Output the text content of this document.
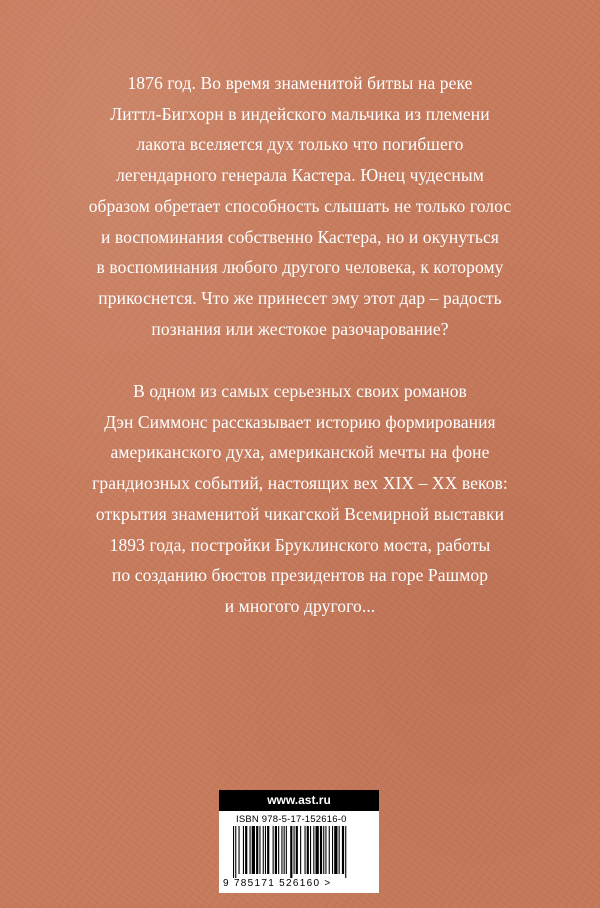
1876 год. Во время знаменитой битвы на реке
Литтл-Бигхорн в индейского мальчика из племени
лакота вселяется дух только что погибшего
легендарного генерала Кастера. Юнец чудесным
образом обретает способность слышать не только голос
и воспоминания собственно Кастера, но и окунуться
в воспоминания любого другого человека, к которому
прикоснется. Что же принесет эму этот дар – радость
познания или жестокое разочарование?
В одном из самых серьезных своих романов
Дэн Симмонс рассказывает историю формирования
американского духа, американской мечты на фоне
грандиозных событий, настоящих вех XIX – XX веков:
открытия знаменитой чикагской Всемирной выставки
1893 года, постройки Бруклинского моста, работы
по созданию бюстов президентов на горе Рашмор
и многого другого...
www.ast.ru
ISBN 978-5-17-152616-0
9 785171 526160 >
